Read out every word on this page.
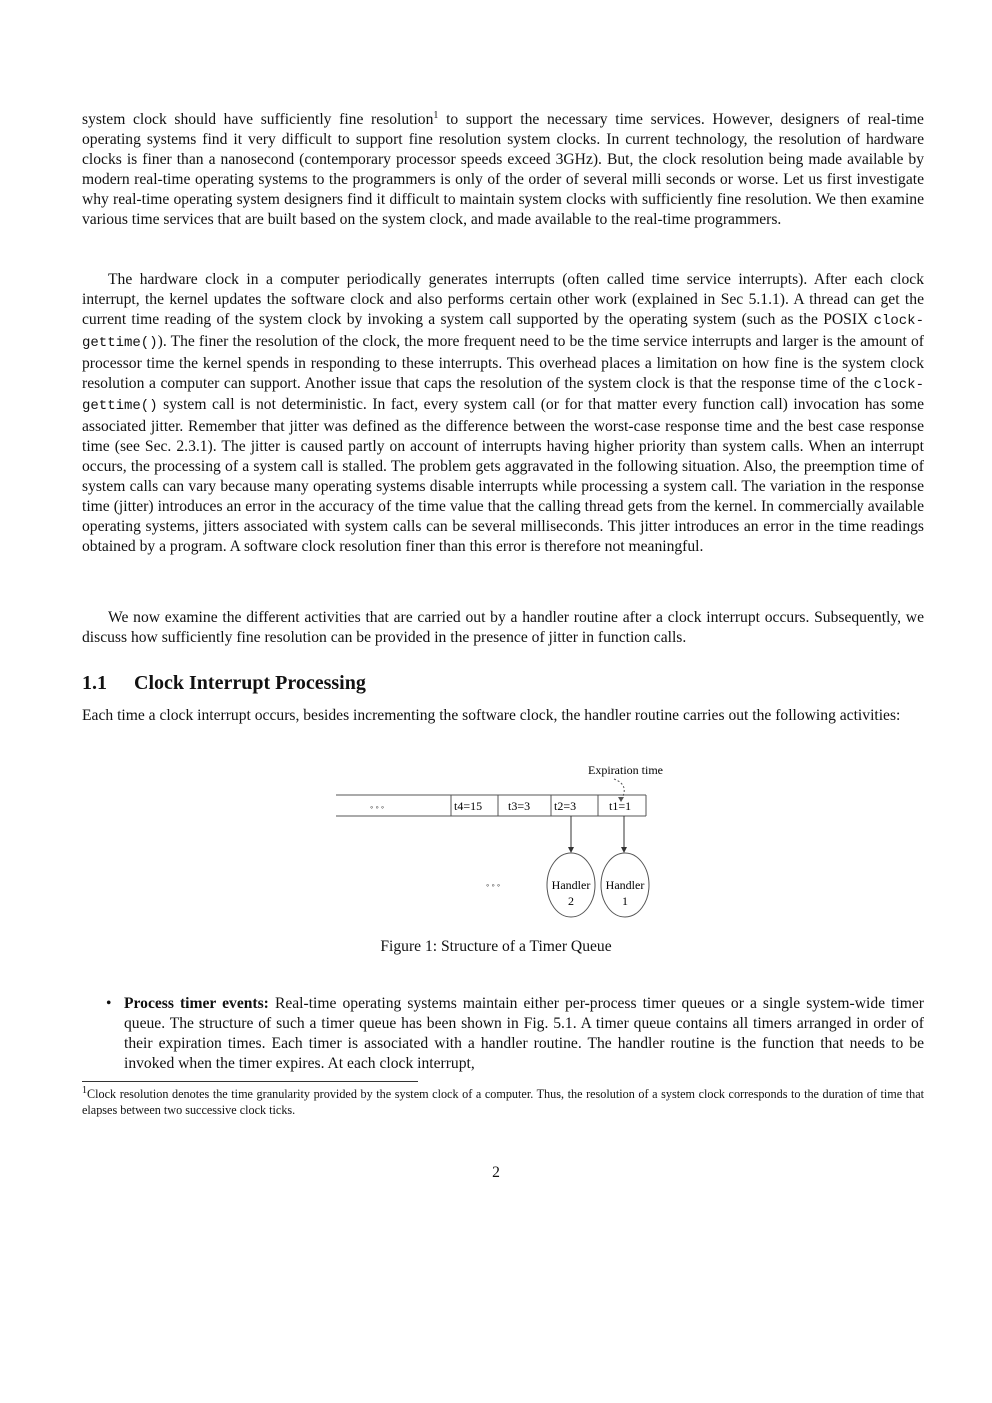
system clock should have sufficiently fine resolution$^1$ to support the necessary time services. However, designers of real-time operating systems find it very difficult to support fine resolution system clocks. In current technology, the resolution of hardware clocks is finer than a nanosecond (contemporary processor speeds exceed 3GHz). But, the clock resolution being made available by modern real-time operating systems to the programmers is only of the order of several milli seconds or worse. Let us first investigate why real-time operating system designers find it difficult to maintain system clocks with sufficiently fine resolution. We then examine various time services that are built based on the system clock, and made available to the real-time programmers.
The hardware clock in a computer periodically generates interrupts (often called time service interrupts). After each clock interrupt, the kernel updates the software clock and also performs certain other work (explained in Sec 5.1.1). A thread can get the current time reading of the system clock by invoking a system call supported by the operating system (such as the POSIX clock-gettime()). The finer the resolution of the clock, the more frequent need to be the time service interrupts and larger is the amount of processor time the kernel spends in responding to these interrupts. This overhead places a limitation on how fine is the system clock resolution a computer can support. Another issue that caps the resolution of the system clock is that the response time of the clock-gettime() system call is not deterministic. In fact, every system call (or for that matter every function call) invocation has some associated jitter. Remember that jitter was defined as the difference between the worst-case response time and the best case response time (see Sec. 2.3.1). The jitter is caused partly on account of interrupts having higher priority than system calls. When an interrupt occurs, the processing of a system call is stalled. The problem gets aggravated in the following situation. Also, the preemption time of system calls can vary because many operating systems disable interrupts while processing a system call. The variation in the response time (jitter) introduces an error in the accuracy of the time value that the calling thread gets from the kernel. In commercially available operating systems, jitters associated with system calls can be several milliseconds. This jitter introduces an error in the time readings obtained by a program. A software clock resolution finer than this error is therefore not meaningful.
We now examine the different activities that are carried out by a handler routine after a clock interrupt occurs. Subsequently, we discuss how sufficiently fine resolution can be provided in the presence of jitter in function calls.
1.1 Clock Interrupt Processing
Each time a clock interrupt occurs, besides incrementing the software clock, the handler routine carries out the following activities:
Expiration time
◦ ◦ ◦	t4=15 t3=3 t2=3	t1=1
Handler
2
Handler
1
◦ ◦ ◦
Figure 1: Structure of a Timer Queue
• Process timer events: Real-time operating systems maintain either per-process timer queues or a single system-wide timer queue. The structure of such a timer queue has been shown in Fig. 5.1. A timer queue contains all timers arranged in order of their expiration times. Each timer is associated with a handler routine. The handler routine is the function that needs to be invoked when the timer expires. At each clock interrupt,
$^1$Clock resolution denotes the time granularity provided by the system clock of a computer. Thus, the resolution of a system clock corresponds to the duration of time that elapses between two successive clock ticks.
2
